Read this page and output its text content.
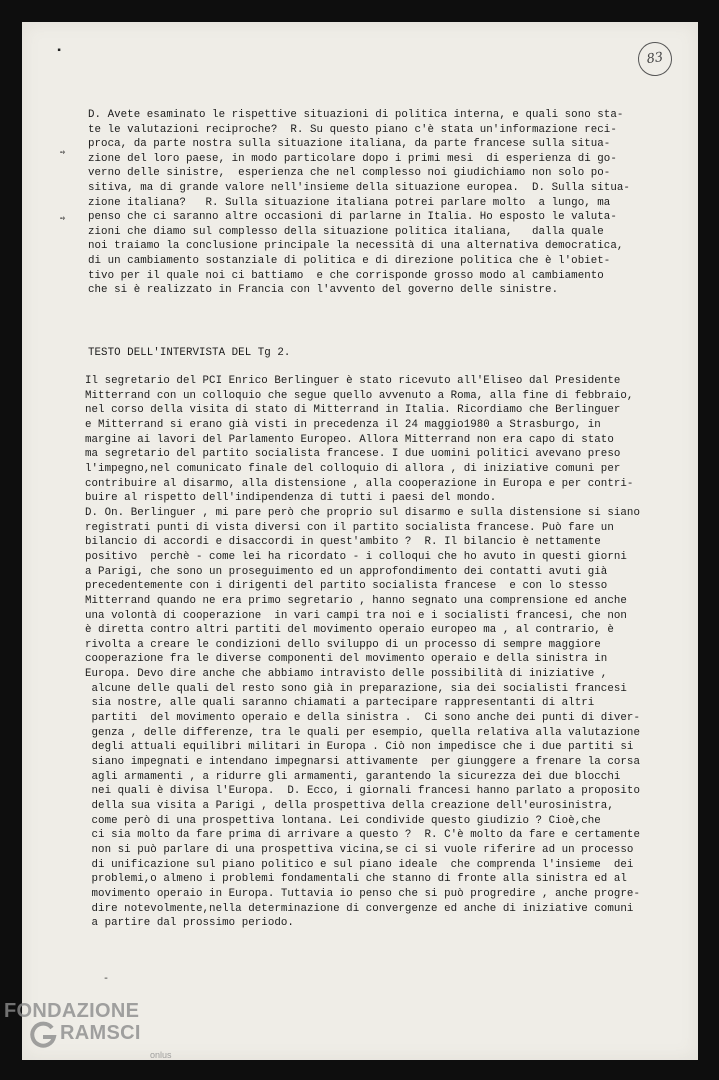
83
▪
➺
➺

D. Avete esaminato le rispettive situazioni di politica interna, e quali sono sta-
te le valutazioni reciproche?  R. Su questo piano c'è stata un'informazione reci-
proca, da parte nostra sulla situazione italiana, da parte francese sulla situa-
zione del loro paese, in modo particolare dopo i primi mesi  di esperienza di go-
verno delle sinistre,  esperienza che nel complesso noi giudichiamo non solo po-
sitiva, ma di grande valore nell'insieme della situazione europea.  D. Sulla situa-
zione italiana?   R. Sulla situazione italiana potrei parlare molto  a lungo, ma
penso che ci saranno altre occasioni di parlarne in Italia. Ho esposto le valuta-
zioni che diamo sul complesso della situazione politica italiana,   dalla quale
noi traiamo la conclusione principale la necessità di una alternativa democratica,
di un cambiamento sostanziale di politica e di direzione politica che è l'obiet-
tivo per il quale noi ci battiamo  e che corrisponde grosso modo al cambiamento
che si è realizzato in Francia con l'avvento del governo delle sinistre.

TESTO DELL'INTERVISTA DEL Tg 2.

Il segretario del PCI Enrico Berlinguer è stato ricevuto all'Eliseo dal Presidente
Mitterrand con un colloquio che segue quello avvenuto a Roma, alla fine di febbraio,
nel corso della visita di stato di Mitterrand in Italia. Ricordiamo che Berlinguer
e Mitterrand si erano già visti in precedenza il 24 maggio1980 a Strasburgo, in
margine ai lavori del Parlamento Europeo. Allora Mitterrand non era capo di stato
ma segretario del partito socialista francese. I due uomini politici avevano preso
l'impegno,nel comunicato finale del colloquio di allora , di iniziative comuni per
contribuire al disarmo, alla distensione , alla cooperazione in Europa e per contri-
buire al rispetto dell'indipendenza di tutti i paesi del mondo.
D. On. Berlinguer , mi pare però che proprio sul disarmo e sulla distensione si siano
registrati punti di vista diversi con il partito socialista francese. Può fare un
bilancio di accordi e disaccordi in quest'ambito ?  R. Il bilancio è nettamente
positivo  perchè - come lei ha ricordato - i colloqui che ho avuto in questi giorni
a Parigi, che sono un proseguimento ed un approfondimento dei contatti avuti già
precedentemente con i dirigenti del partito socialista francese  e con lo stesso
Mitterrand quando ne era primo segretario , hanno segnato una comprensione ed anche
una volontà di cooperazione  in vari campi tra noi e i socialisti francesi, che non
è diretta contro altri partiti del movimento operaio europeo ma , al contrario, è
rivolta a creare le condizioni dello sviluppo di un processo di sempre maggiore
cooperazione fra le diverse componenti del movimento operaio e della sinistra in
Europa. Devo dire anche che abbiamo intravisto delle possibilità di iniziative ,
alcune delle quali del resto sono già in preparazione, sia dei socialisti francesi
sia nostre, alle quali saranno chiamati a partecipare rappresentanti di altri
partiti  del movimento operaio e della sinistra .  Ci sono anche dei punti di diver-
genza , delle differenze, tra le quali per esempio, quella relativa alla valutazione
degli attuali equilibri militari in Europa . Ciò non impedisce che i due partiti si
siano impegnati e intendano impegnarsi attivamente  per giunggere a frenare la corsa
agli armamenti , a ridurre gli armamenti, garantendo la sicurezza dei due blocchi
nei quali è divisa l'Europa.  D. Ecco, i giornali francesi hanno parlato a proposito
della sua visita a Parigi , della prospettiva della creazione dell'eurosinistra,
come però di una prospettiva lontana. Lei condivide questo giudizio ? Cioè,che
ci sia molto da fare prima di arrivare a questo ?  R. C'è molto da fare e certamente
non si può parlare di una prospettiva vicina,se ci si vuole riferire ad un processo
di unificazione sul piano politico e sul piano ideale  che comprenda l'insieme  dei
problemi,o almeno i problemi fondamentali che stanno di fronte alla sinistra ed al
movimento operaio in Europa. Tuttavia io penso che si può progredire , anche progre-
dire notevolmente,nella determinazione di convergenze ed anche di iniziative comuni
a partire dal prossimo periodo.

-
FONDAZIONE
RAMSCI
onlus
